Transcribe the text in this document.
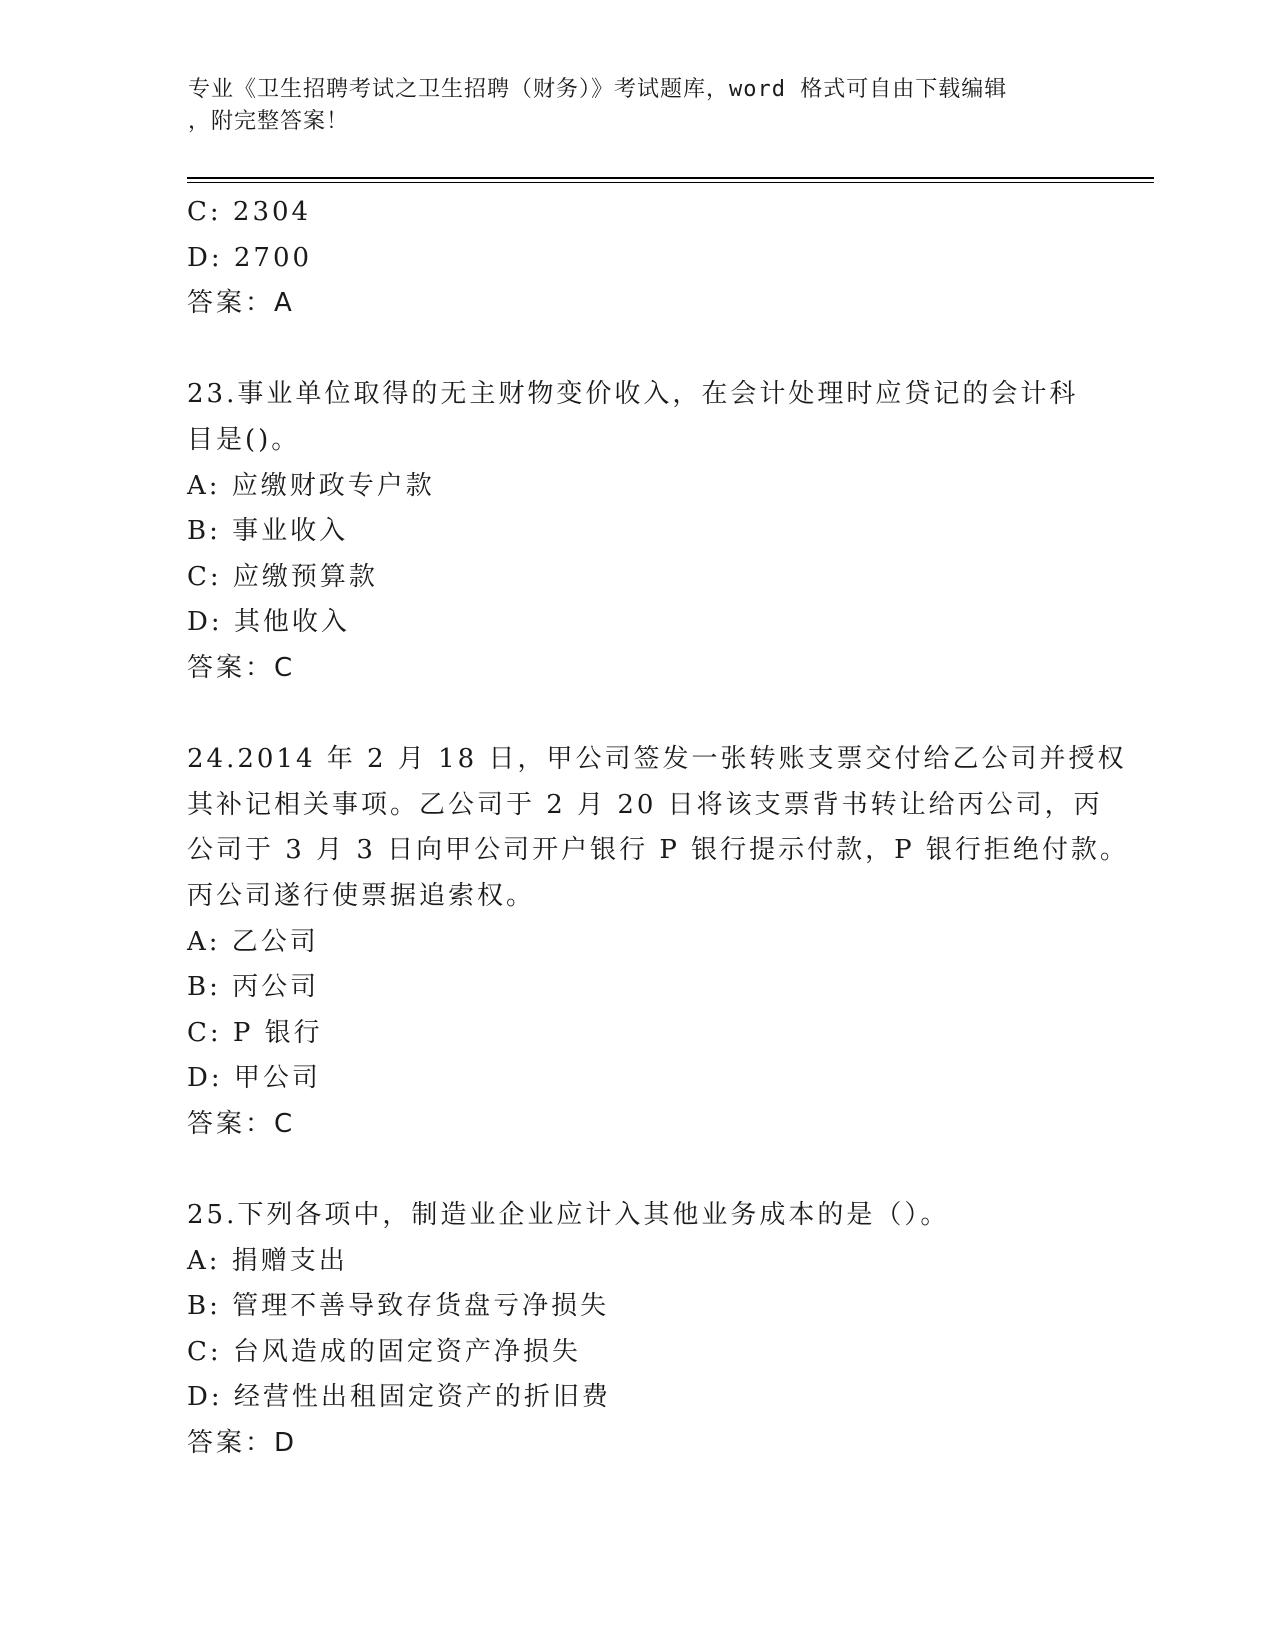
专业《卫生招聘考试之卫生招聘（财务）》考试题库，word 格式可自由下载编辑
，附完整答案！
C: 2304
D: 2700
答案：A
23.事业单位取得的无主财物变价收入，在会计处理时应贷记的会计科
目是()。
A: 应缴财政专户款
B: 事业收入
C: 应缴预算款
D: 其他收入
答案：C
24.2014 年 2 月 18 日，甲公司签发一张转账支票交付给乙公司并授权
其补记相关事项。乙公司于 2 月 20 日将该支票背书转让给丙公司，丙
公司于 3 月 3 日向甲公司开户银行 P 银行提示付款，P 银行拒绝付款。
丙公司遂行使票据追索权。
A: 乙公司
B: 丙公司
C: P 银行
D: 甲公司
答案：C
25.下列各项中，制造业企业应计入其他业务成本的是（）。
A: 捐赠支出
B: 管理不善导致存货盘亏净损失
C: 台风造成的固定资产净损失
D: 经营性出租固定资产的折旧费
答案：D
